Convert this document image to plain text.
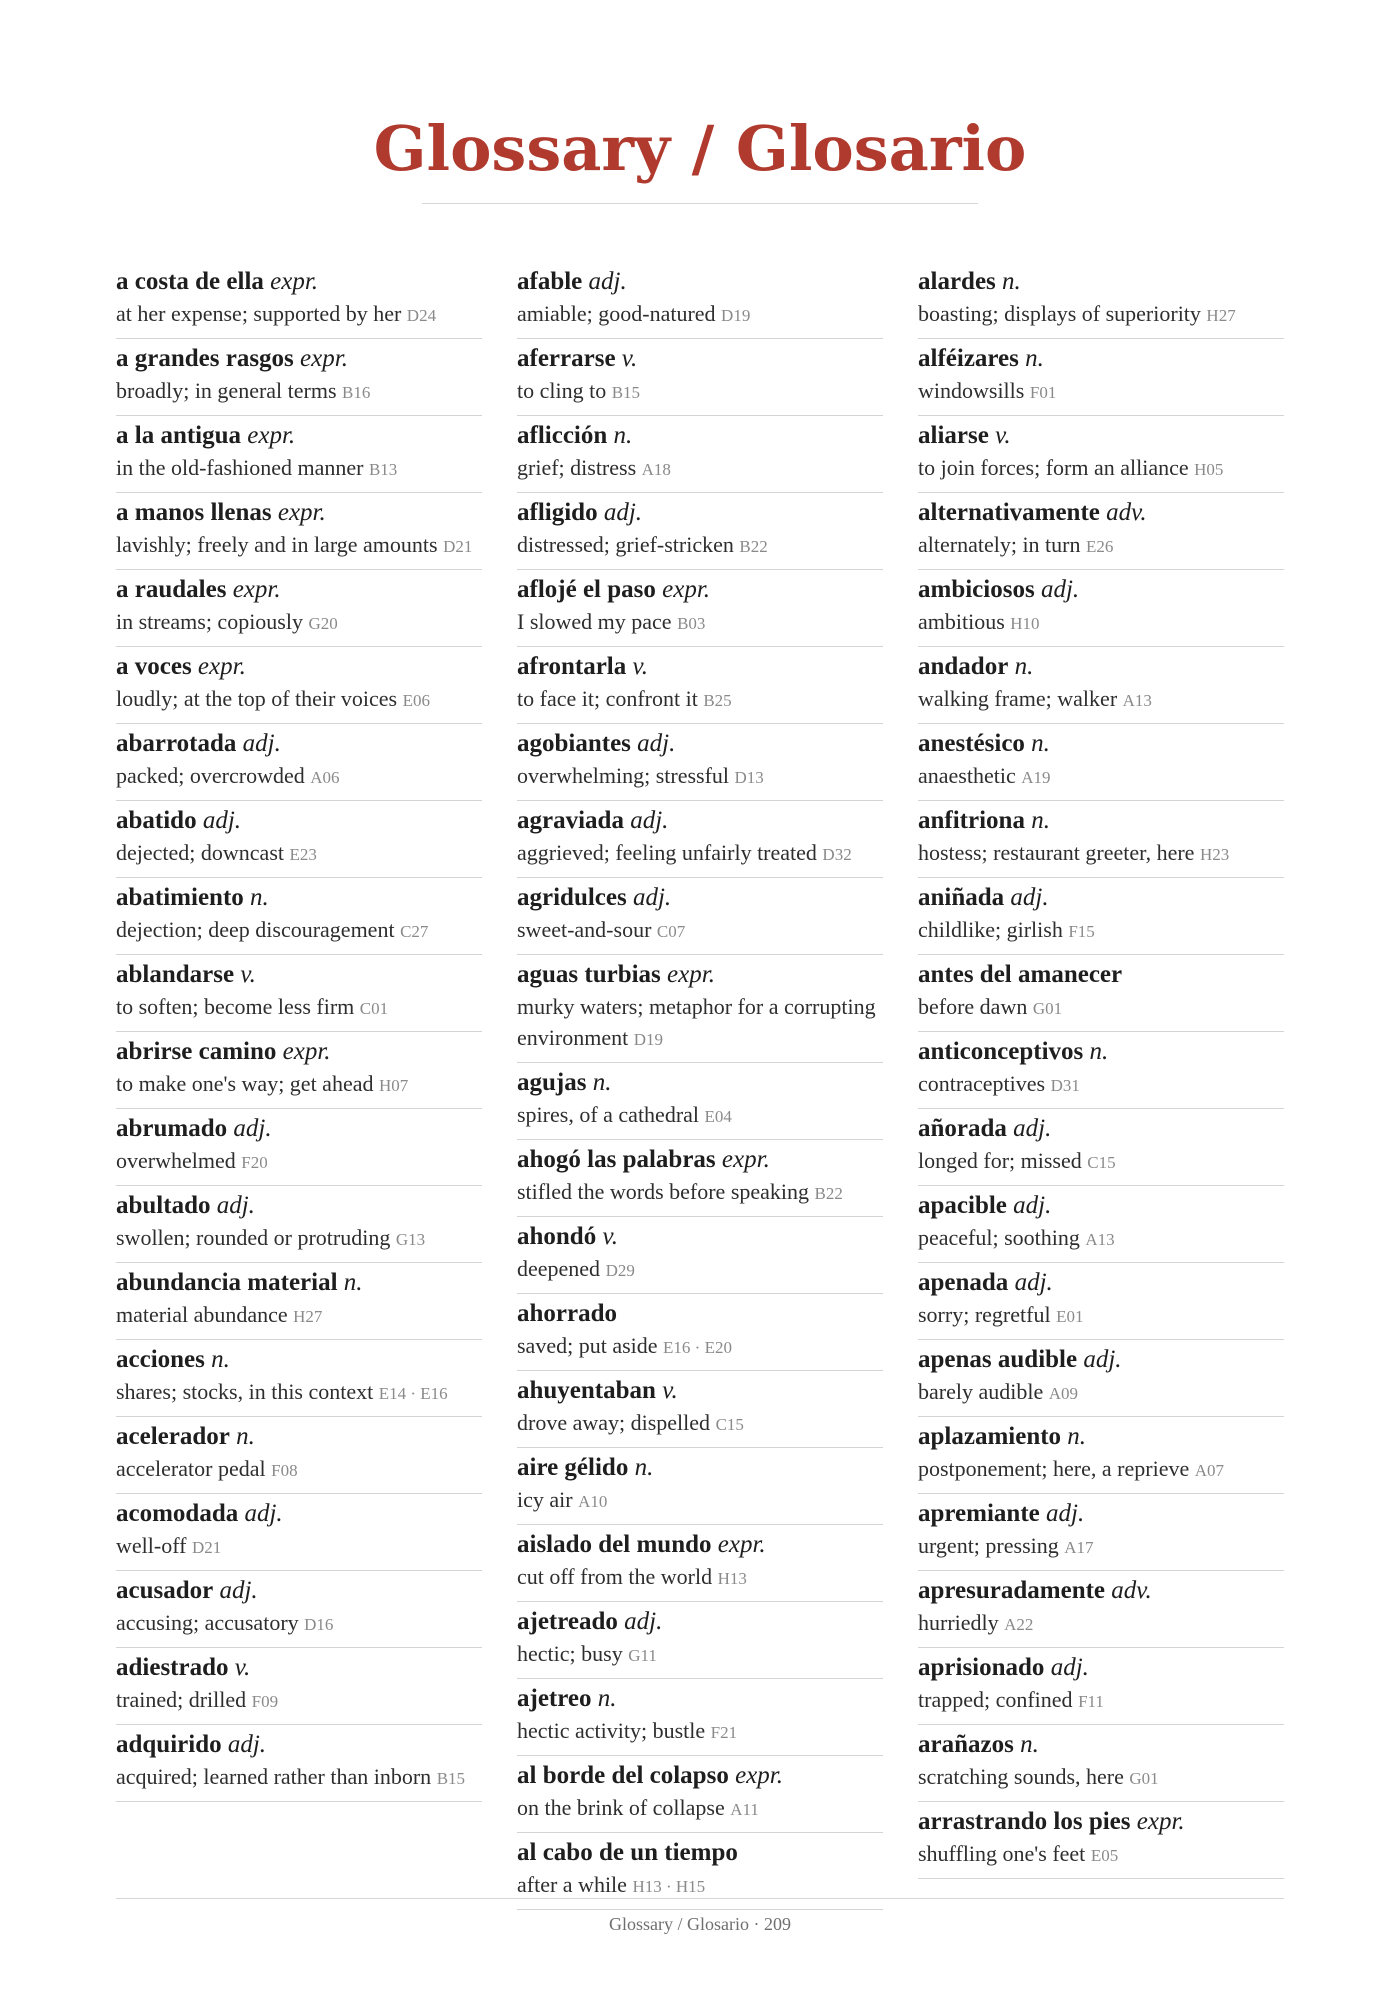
Glossary / Glosario
a costa de ella expr.
at her expense; supported by her D24
a grandes rasgos expr.
broadly; in general terms B16
a la antigua expr.
in the old-fashioned manner B13
a manos llenas expr.
lavishly; freely and in large amounts D21
a raudales expr.
in streams; copiously G20
a voces expr.
loudly; at the top of their voices E06
abarrotada adj.
packed; overcrowded A06
abatido adj.
dejected; downcast E23
abatimiento n.
dejection; deep discouragement C27
ablandarse v.
to soften; become less firm C01
abrirse camino expr.
to make one's way; get ahead H07
abrumado adj.
overwhelmed F20
abultado adj.
swollen; rounded or protruding G13
abundancia material n.
material abundance H27
acciones n.
shares; stocks, in this context E14 · E16
acelerador n.
accelerator pedal F08
acomodada adj.
well-off D21
acusador adj.
accusing; accusatory D16
adiestrado v.
trained; drilled F09
adquirido adj.
acquired; learned rather than inborn B15
afable adj.
amiable; good-natured D19
aferrarse v.
to cling to B15
aflicción n.
grief; distress A18
afligido adj.
distressed; grief-stricken B22
aflojé el paso expr.
I slowed my pace B03
afrontarla v.
to face it; confront it B25
agobiantes adj.
overwhelming; stressful D13
agraviada adj.
aggrieved; feeling unfairly treated D32
agridulces adj.
sweet-and-sour C07
aguas turbias expr.
murky waters; metaphor for a corrupting environment D19
agujas n.
spires, of a cathedral E04
ahogó las palabras expr.
stifled the words before speaking B22
ahondó v.
deepened D29
ahorrado
saved; put aside E16 · E20
ahuyentaban v.
drove away; dispelled C15
aire gélido n.
icy air A10
aislado del mundo expr.
cut off from the world H13
ajetreado adj.
hectic; busy G11
ajetreo n.
hectic activity; bustle F21
al borde del colapso expr.
on the brink of collapse A11
al cabo de un tiempo
after a while H13 · H15
alardes n.
boasting; displays of superiority H27
alféizares n.
windowsills F01
aliarse v.
to join forces; form an alliance H05
alternativamente adv.
alternately; in turn E26
ambiciosos adj.
ambitious H10
andador n.
walking frame; walker A13
anestésico n.
anaesthetic A19
anfitriona n.
hostess; restaurant greeter, here H23
aniñada adj.
childlike; girlish F15
antes del amanecer
before dawn G01
anticonceptivos n.
contraceptives D31
añorada adj.
longed for; missed C15
apacible adj.
peaceful; soothing A13
apenada adj.
sorry; regretful E01
apenas audible adj.
barely audible A09
aplazamiento n.
postponement; here, a reprieve A07
apremiante adj.
urgent; pressing A17
apresuradamente adv.
hurriedly A22
aprisionado adj.
trapped; confined F11
arañazos n.
scratching sounds, here G01
arrastrando los pies expr.
shuffling one's feet E05
Glossary / Glosario · 209
